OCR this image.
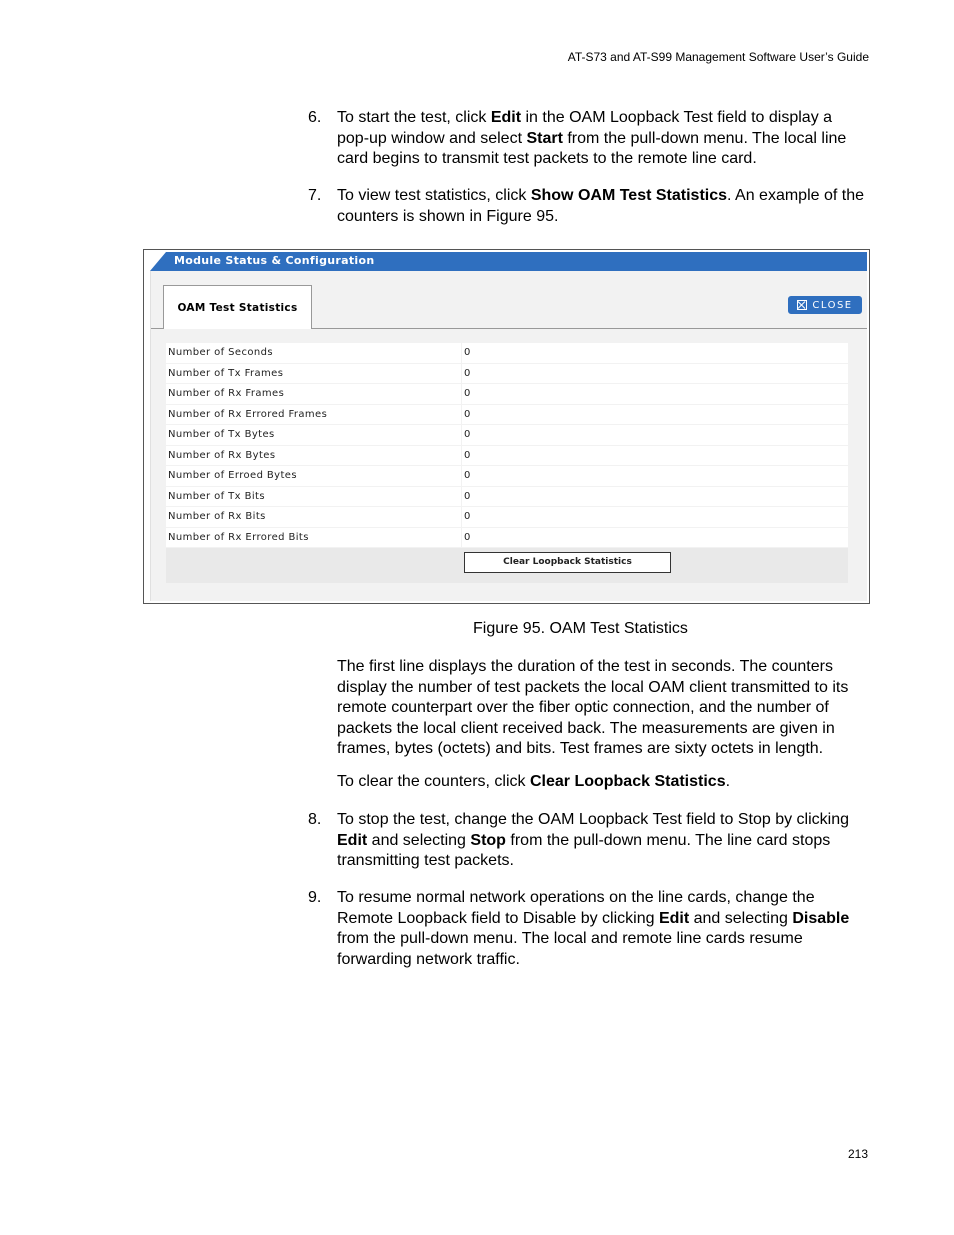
AT-S73 and AT-S99 Management Software User’s Guide
6. To start the test, click Edit in the OAM Loopback Test field to display a pop-up window and select Start from the pull-down menu. The local line card begins to transmit test packets to the remote line card.
7. To view test statistics, click Show OAM Test Statistics. An example of the counters is shown in Figure 95.
Module Status & Configuration
OAM Test Statistics	CLOSE
Number of Seconds	0
Number of Tx Frames	0
Number of Rx Frames	0
Number of Rx Errored Frames	0
Number of Tx Bytes	0
Number of Rx Bytes	0
Number of Erroed Bytes	0
Number of Tx Bits	0
Number of Rx Bits	0
Number of Rx Errored Bits	0
Clear Loopback Statistics
Figure 95. OAM Test Statistics
The first line displays the duration of the test in seconds. The counters display the number of test packets the local OAM client transmitted to its remote counterpart over the fiber optic connection, and the number of packets the local client received back. The measurements are given in frames, bytes (octets) and bits. Test frames are sixty octets in length.
To clear the counters, click Clear Loopback Statistics.
8. To stop the test, change the OAM Loopback Test field to Stop by clicking Edit and selecting Stop from the pull-down menu. The line card stops transmitting test packets.
9. To resume normal network operations on the line cards, change the Remote Loopback field to Disable by clicking Edit and selecting Disable from the pull-down menu. The local and remote line cards resume forwarding network traffic.
213
